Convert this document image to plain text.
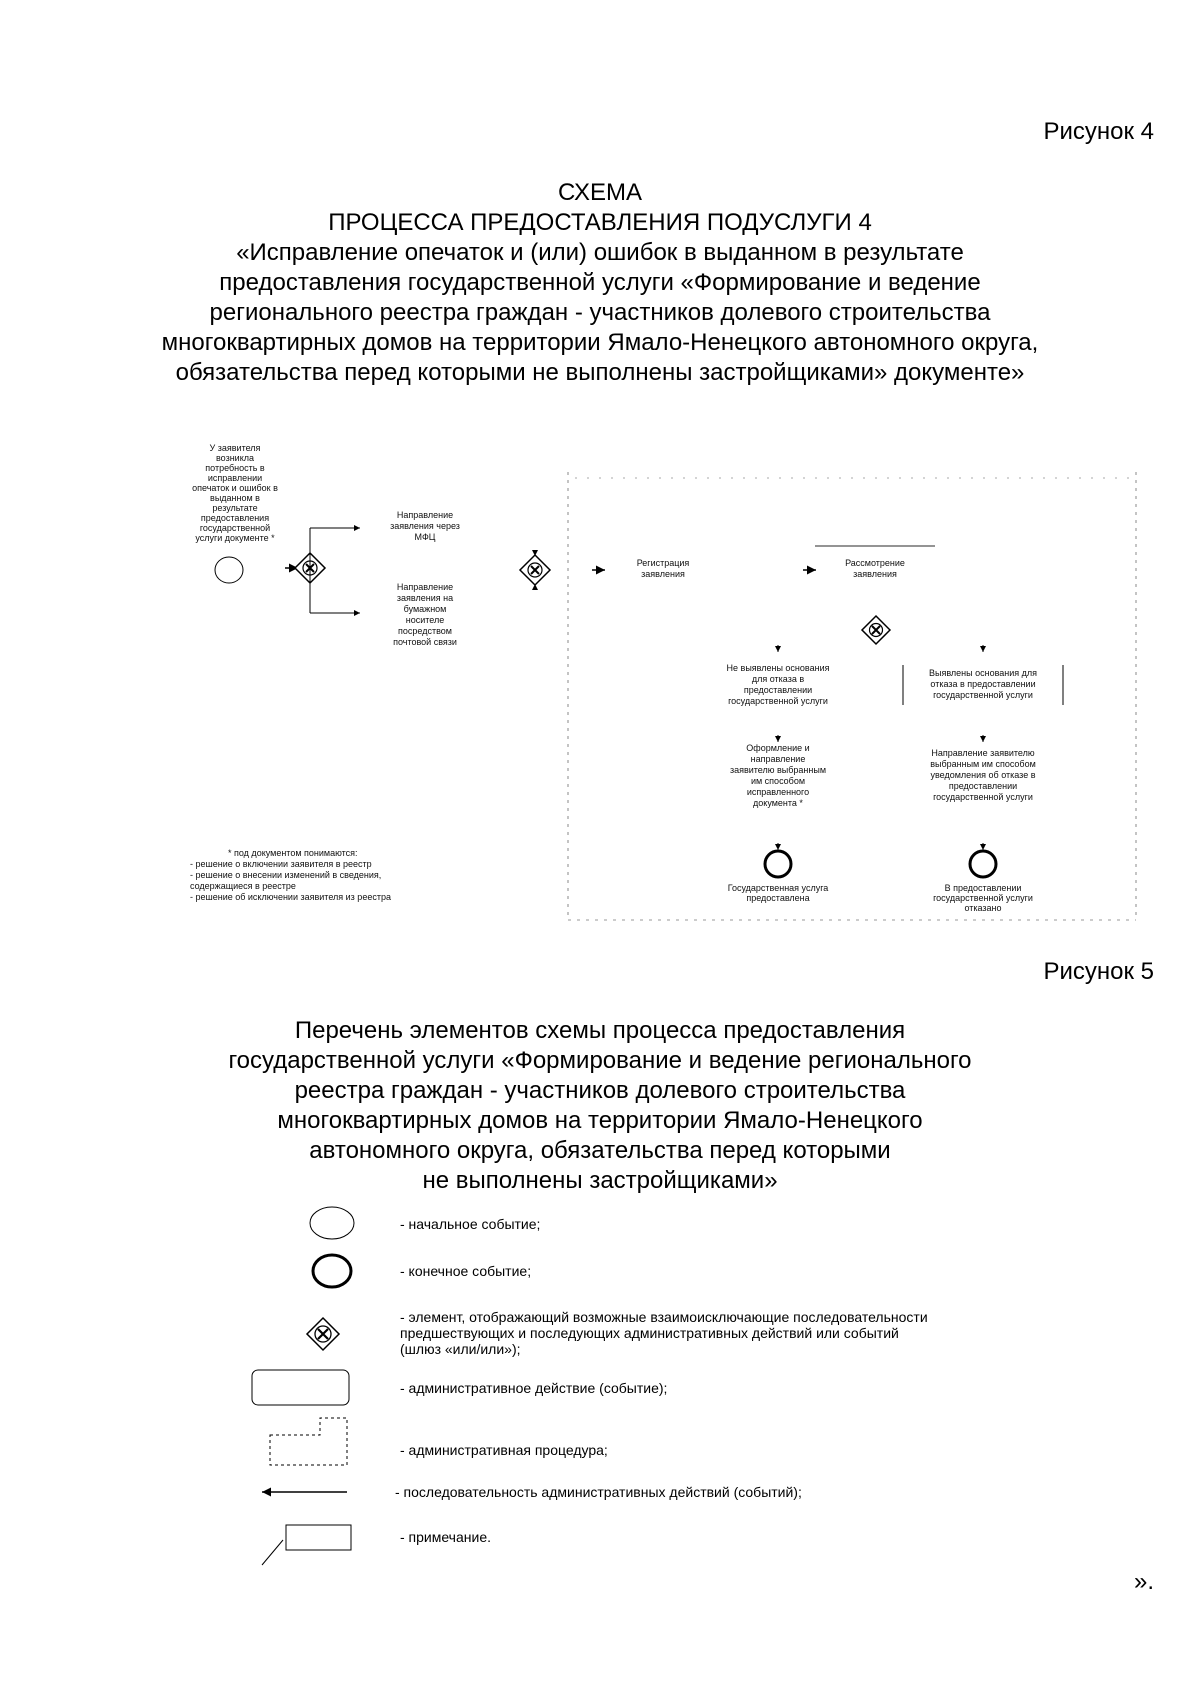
Рисунок 4
СХЕМА
ПРОЦЕССА ПРЕДОСТАВЛЕНИЯ ПОДУСЛУГИ 4
«Исправление опечаток и (или) ошибок в выданном в результате
предоставления государственной услуги «Формирование и ведение
регионального реестра граждан - участников долевого строительства
многоквартирных домов на территории Ямало-Ненецкого автономного округа,
обязательства перед которыми не выполнены застройщиками» документе»
У заявителя
возникла
потребность в
исправлении
опечаток и ошибок в
выданном в
результате
предоставления
государственной
услуги документе *
Направление
заявления через
МФЦ
Направление
заявления на
бумажном
носителе
посредством
почтовой связи
Регистрация
заявления
Рассмотрение
заявления
Не выявлены основания
для отказа в
предоставлении
государственной услуги
Выявлены основания для
отказа в предоставлении
государственной услуги
Оформление и
направление
заявителю выбранным
им способом
исправленного
документа *
Направление заявителю
выбранным им способом
уведомления об отказе в
предоставлении
государственной услуги
Государственная услуга
предоставлена
В предоставлении
государственной услуги
отказано
* под документом понимаются:
- решение о включении заявителя в реестр
- решение о внесении изменений в сведения,
содержащиеся в реестре
- решение об исключении заявителя из реестра
Рисунок 5
Перечень элементов схемы процесса предоставления
государственной услуги «Формирование и ведение регионального
реестра граждан - участников долевого строительства
многоквартирных домов на территории Ямало-Ненецкого
автономного округа, обязательства перед которыми
не выполнены застройщиками»
- начальное событие;
- конечное событие;
- элемент, отображающий возможные взаимоисключающие последовательности
предшествующих и последующих административных действий или событий
(шлюз «или/или»);
- административное действие (событие);
- административная процедура;
- последовательность административных действий (событий);
- примечание.
».
